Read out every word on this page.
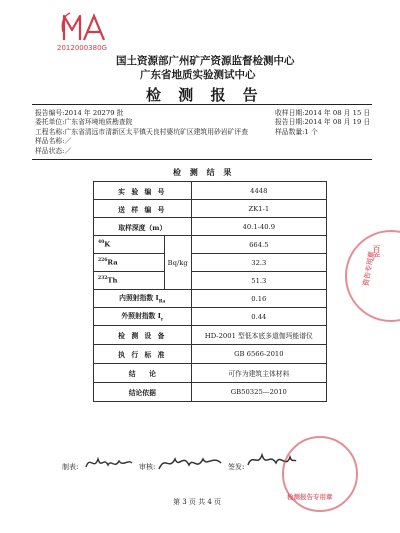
2012000380G
国土资源部广州矿产资源监督检测中心
广东省地质实验测试中心
检 测 报 告
报告编号:2014 年 20279 批
委托单位:广东省环境地质勘查院
工程名称:广东省清远市清新区太平镇天良村婆坑矿区建筑用砂岩矿评查
样品名称:／
样品状态:／
收样日期:2014 年 08 月 15 日
报告日期:2014 年 08 月 19 日
样品数量:1 个
检 测 结 果
实 验 编 号		4448
送 样 编 号		ZK1-1
取样深度（m）		40.1-40.9
$^{40}$K	Bq/kg	664.5
$^{226}$Ra		32.3
$^{232}$Th		51.3
内照射指数 $I_{Ra}$		0.16
外照射指数 $I_r$		0.44
检 测 设 备		HD-2001 型低本底多道伽玛能谱仪
执 行 标 准		GB 6566-2010
结　　论		可作为建筑主体材料
结论依据		GB50325—2010
百产
资告专用章
制表:	审核:	签发:
检测报告专用章
第 3 页 共 4 页
